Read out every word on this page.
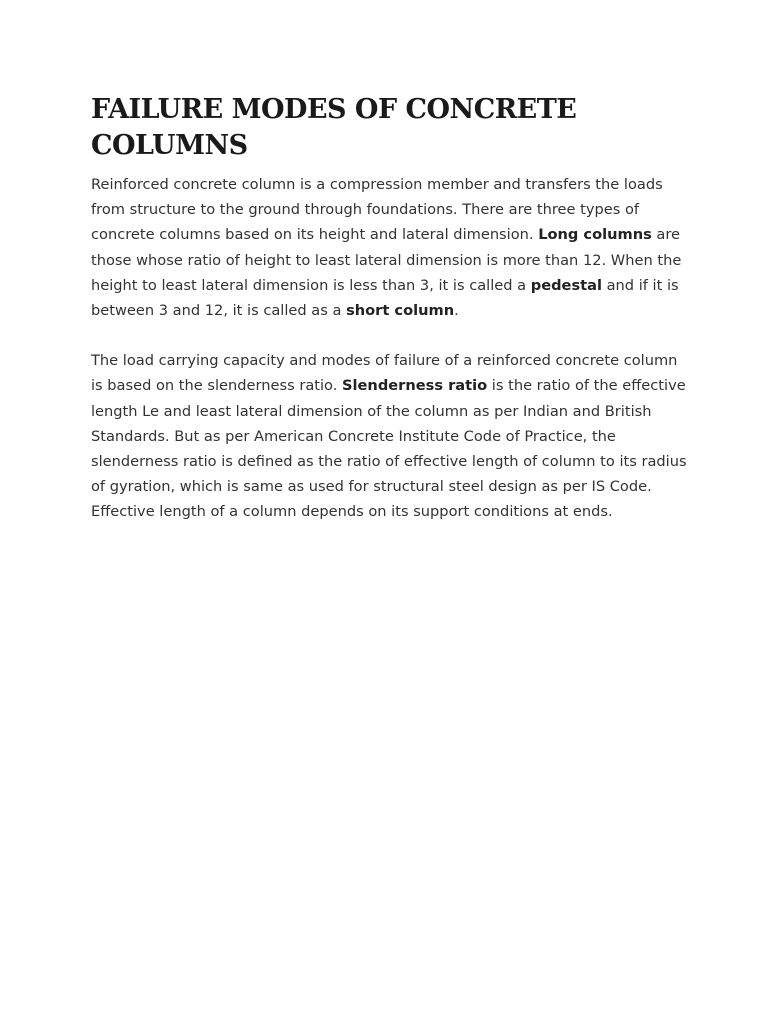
FAILURE MODES OF CONCRETE COLUMNS

Reinforced concrete column is a compression member and transfers the loads from structure to the ground through foundations. There are three types of concrete columns based on its height and lateral dimension. Long columns are those whose ratio of height to least lateral dimension is more than 12. When the height to least lateral dimension is less than 3, it is called a pedestal and if it is between 3 and 12, it is called as a short column.

The load carrying capacity and modes of failure of a reinforced concrete column is based on the slenderness ratio. Slenderness ratio is the ratio of the effective length Le and least lateral dimension of the column as per Indian and British Standards. But as per American Concrete Institute Code of Practice, the slenderness ratio is defined as the ratio of effective length of column to its radius of gyration, which is same as used for structural steel design as per IS Code. Effective length of a column depends on its support conditions at ends.
